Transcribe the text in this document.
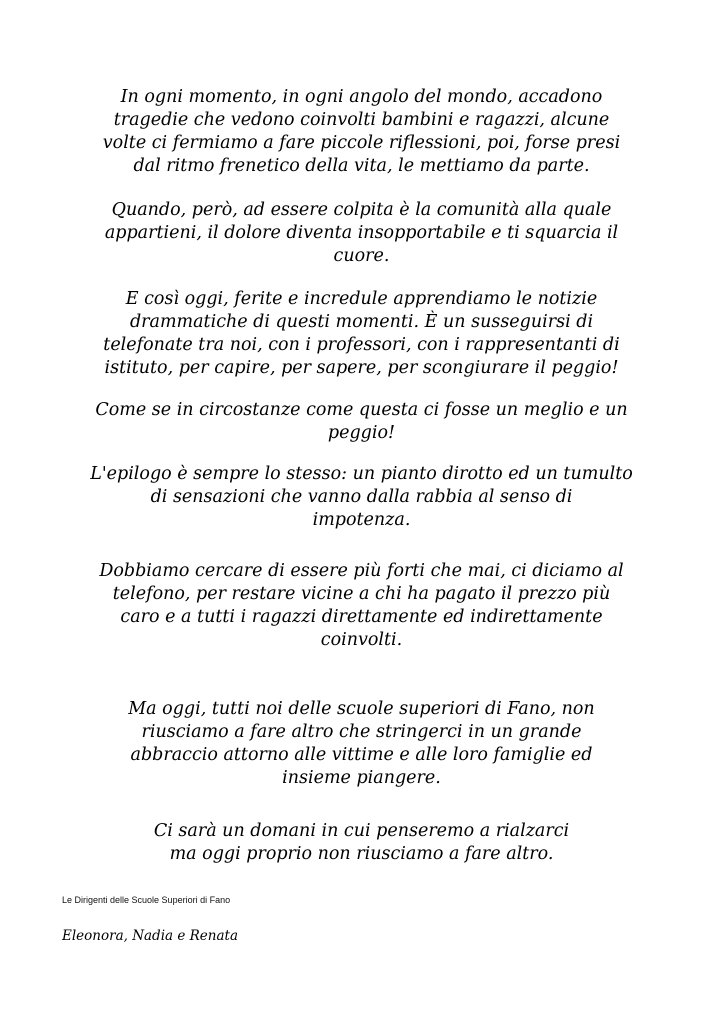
In ogni momento, in ogni angolo del mondo, accadono
tragedie che vedono coinvolti bambini e ragazzi, alcune
volte ci fermiamo a fare piccole riflessioni, poi, forse presi
dal ritmo frenetico della vita, le mettiamo da parte.

Quando, però, ad essere colpita è la comunità alla quale
appartieni, il dolore diventa insopportabile e ti squarcia il
cuore.

E così oggi, ferite e incredule apprendiamo le notizie
drammatiche di questi momenti. È un susseguirsi di
telefonate tra noi, con i professori, con i rappresentanti di
istituto, per capire, per sapere, per scongiurare il peggio!

Come se in circostanze come questa ci fosse un meglio e un
peggio!

L'epilogo è sempre lo stesso: un pianto dirotto ed un tumulto
di sensazioni che vanno dalla rabbia al senso di
impotenza.

Dobbiamo cercare di essere più forti che mai, ci diciamo al
telefono, per restare vicine a chi ha pagato il prezzo più
caro e a tutti i ragazzi direttamente ed indirettamente
coinvolti.

Ma oggi, tutti noi delle scuole superiori di Fano, non
riusciamo a fare altro che stringerci in un grande
abbraccio attorno alle vittime e alle loro famiglie ed
insieme piangere.

Ci sarà un domani in cui penseremo a rialzarci
ma oggi proprio non riusciamo a fare altro.

Le Dirigenti delle Scuole Superiori di Fano

Eleonora, Nadia e Renata
